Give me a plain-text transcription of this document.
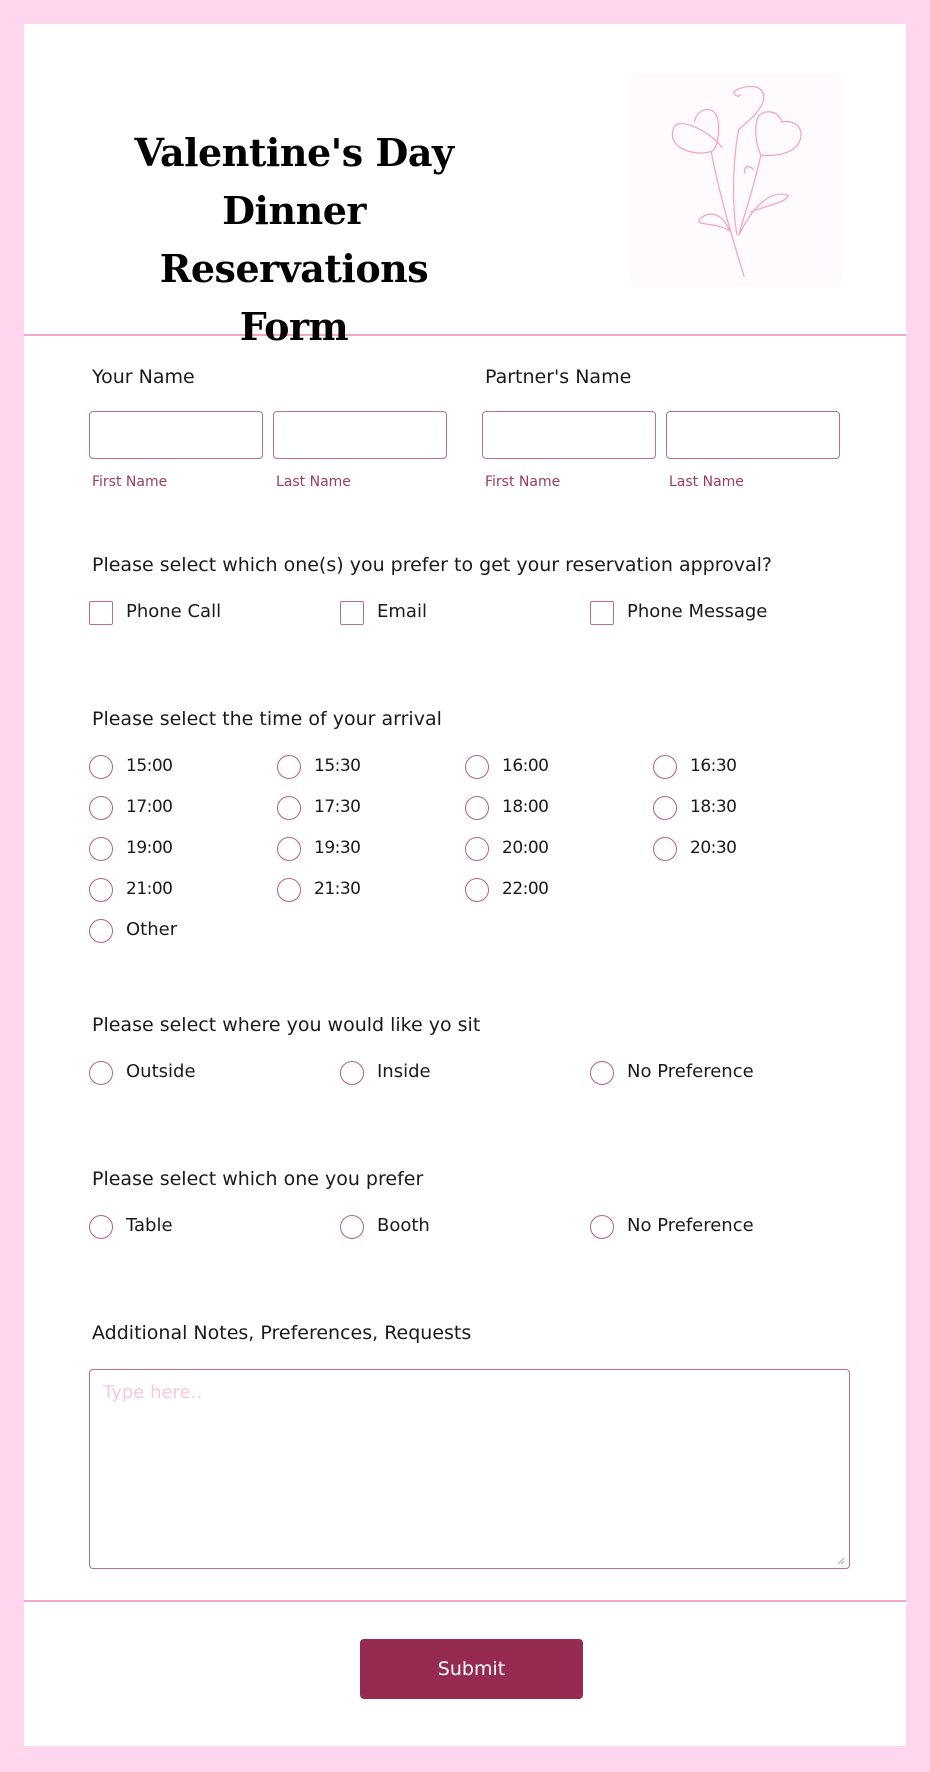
Valentine's Day Dinner Reservations Form
Your Name
First Name	Last Name
Partner's Name
First Name	Last Name
Please select which one(s) you prefer to get your reservation approval?
Phone Call	Email	Phone Message
Please select the time of your arrival
15:00	15:30	16:00	16:30
17:00	17:30	18:00	18:30
19:00	19:30	20:00	20:30
21:00	21:30	22:00
Other
Please select where you would like yo sit
Outside	Inside	No Preference
Please select which one you prefer
Table	Booth	No Preference
Additional Notes, Preferences, Requests
Type here..
Submit
